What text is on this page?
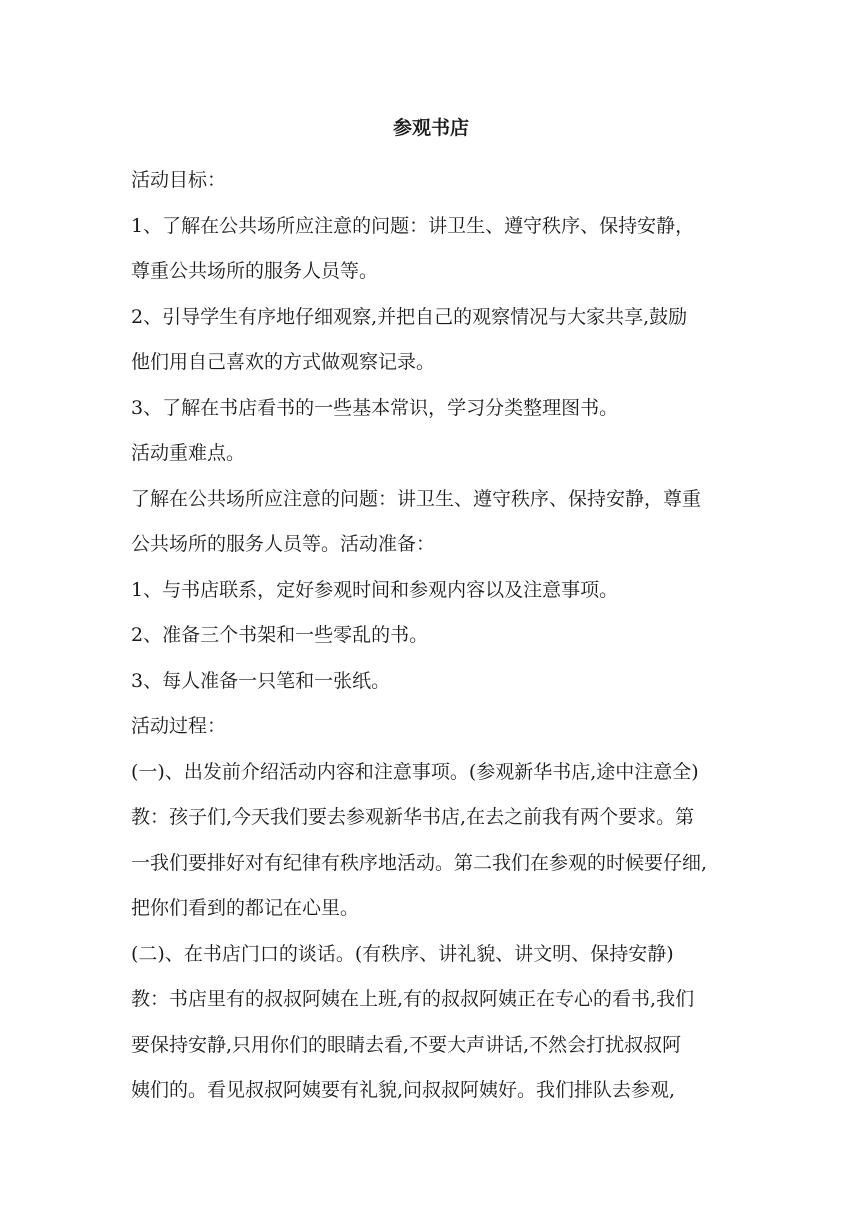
参观书店

活动目标：

1、了解在公共场所应注意的问题：讲卫生、遵守秩序、保持安静，

尊重公共场所的服务人员等。

2、引导学生有序地仔细观察,并把自己的观察情况与大家共享,鼓励

他们用自己喜欢的方式做观察记录。

3、了解在书店看书的一些基本常识，学习分类整理图书。

活动重难点。

了解在公共场所应注意的问题：讲卫生、遵守秩序、保持安静，尊重

公共场所的服务人员等。活动准备：

1、与书店联系，定好参观时间和参观内容以及注意事项。

2、准备三个书架和一些零乱的书。

3、每人准备一只笔和一张纸。

活动过程：

(一)、出发前介绍活动内容和注意事项。(参观新华书店,途中注意全)

教：孩子们,今天我们要去参观新华书店,在去之前我有两个要求。第

一我们要排好对有纪律有秩序地活动。第二我们在参观的时候要仔细,

把你们看到的都记在心里。

(二)、在书店门口的谈话。(有秩序、讲礼貌、讲文明、保持安静)

教：书店里有的叔叔阿姨在上班,有的叔叔阿姨正在专心的看书,我们

要保持安静,只用你们的眼睛去看,不要大声讲话,不然会打扰叔叔阿

姨们的。看见叔叔阿姨要有礼貌,问叔叔阿姨好。我们排队去参观,
